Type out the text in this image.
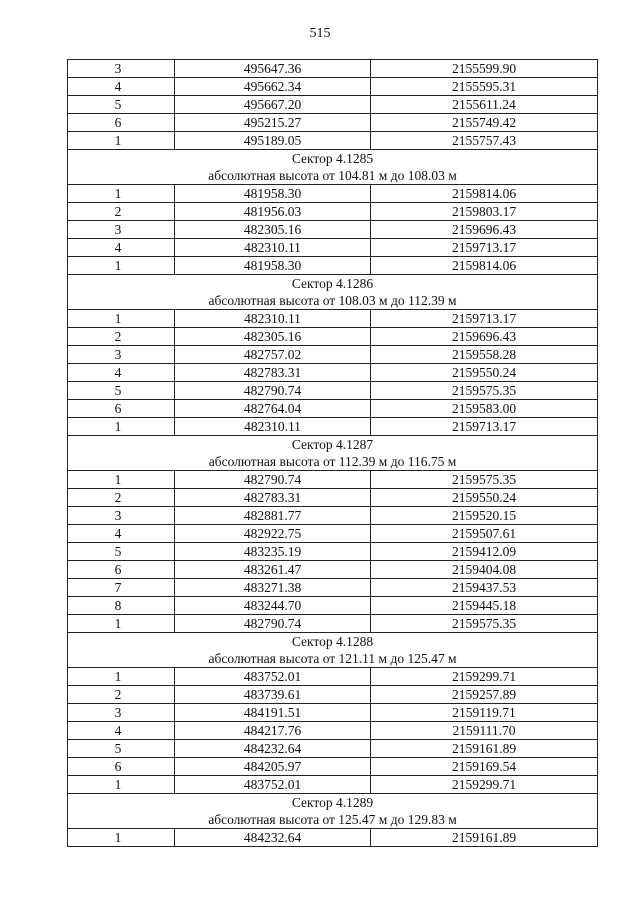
515
3	495647.36	2155599.90
4	495662.34	2155595.31
5	495667.20	2155611.24
6	495215.27	2155749.42
1	495189.05	2155757.43
Сектор 4.1285		
абсолютная высота от 104.81 м до 108.03 м		
1	481958.30	2159814.06
2	481956.03	2159803.17
3	482305.16	2159696.43
4	482310.11	2159713.17
1	481958.30	2159814.06
Сектор 4.1286		
абсолютная высота от 108.03 м до 112.39 м		
1	482310.11	2159713.17
2	482305.16	2159696.43
3	482757.02	2159558.28
4	482783.31	2159550.24
5	482790.74	2159575.35
6	482764.04	2159583.00
1	482310.11	2159713.17
Сектор 4.1287		
абсолютная высота от 112.39 м до 116.75 м		
1	482790.74	2159575.35
2	482783.31	2159550.24
3	482881.77	2159520.15
4	482922.75	2159507.61
5	483235.19	2159412.09
6	483261.47	2159404.08
7	483271.38	2159437.53
8	483244.70	2159445.18
1	482790.74	2159575.35
Сектор 4.1288		
абсолютная высота от 121.11 м до 125.47 м		
1	483752.01	2159299.71
2	483739.61	2159257.89
3	484191.51	2159119.71
4	484217.76	2159111.70
5	484232.64	2159161.89
6	484205.97	2159169.54
1	483752.01	2159299.71
Сектор 4.1289		
абсолютная высота от 125.47 м до 129.83 м		
1	484232.64	2159161.89
